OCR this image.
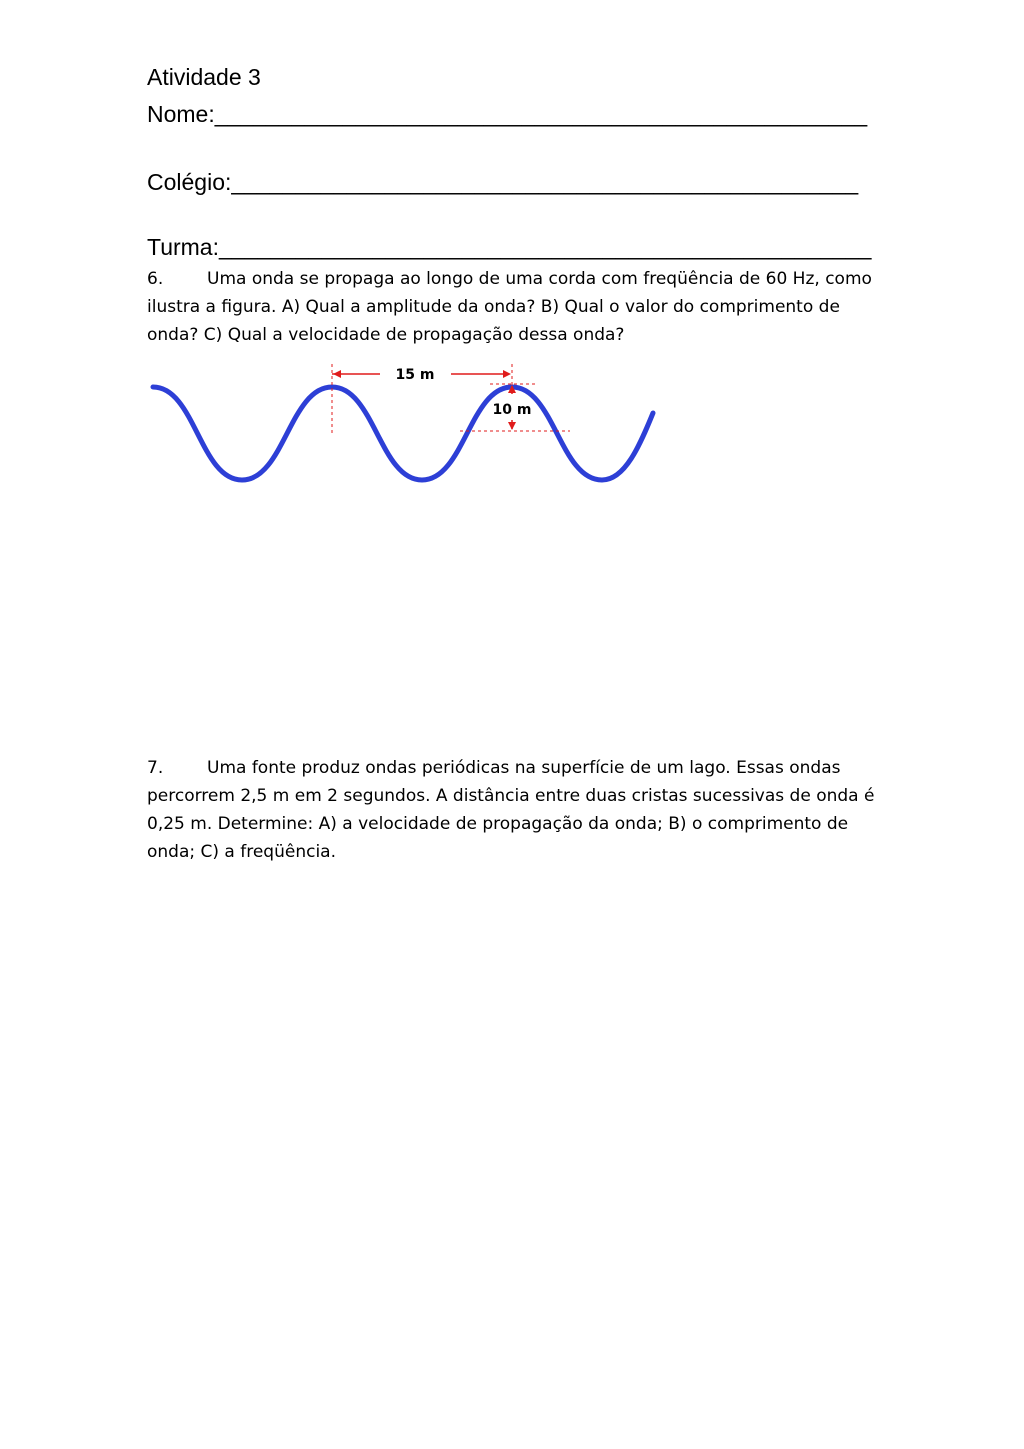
Atividade 3
Nome:___________________________________________________
Colégio:_________________________________________________
Turma:___________________________________________________
6.	Uma onda se propaga ao longo de uma corda com freqüência de 60 Hz, como ilustra a figura. A) Qual a amplitude da onda? B) Qual o valor do comprimento de onda? C) Qual a velocidade de propagação dessa onda?
15 m
10 m
7.	Uma fonte produz ondas periódicas na superfície de um lago. Essas ondas percorrem 2,5 m em 2 segundos. A distância entre duas cristas sucessivas de onda é 0,25 m. Determine: A) a velocidade de propagação da onda; B) o comprimento de onda; C) a freqüência.
